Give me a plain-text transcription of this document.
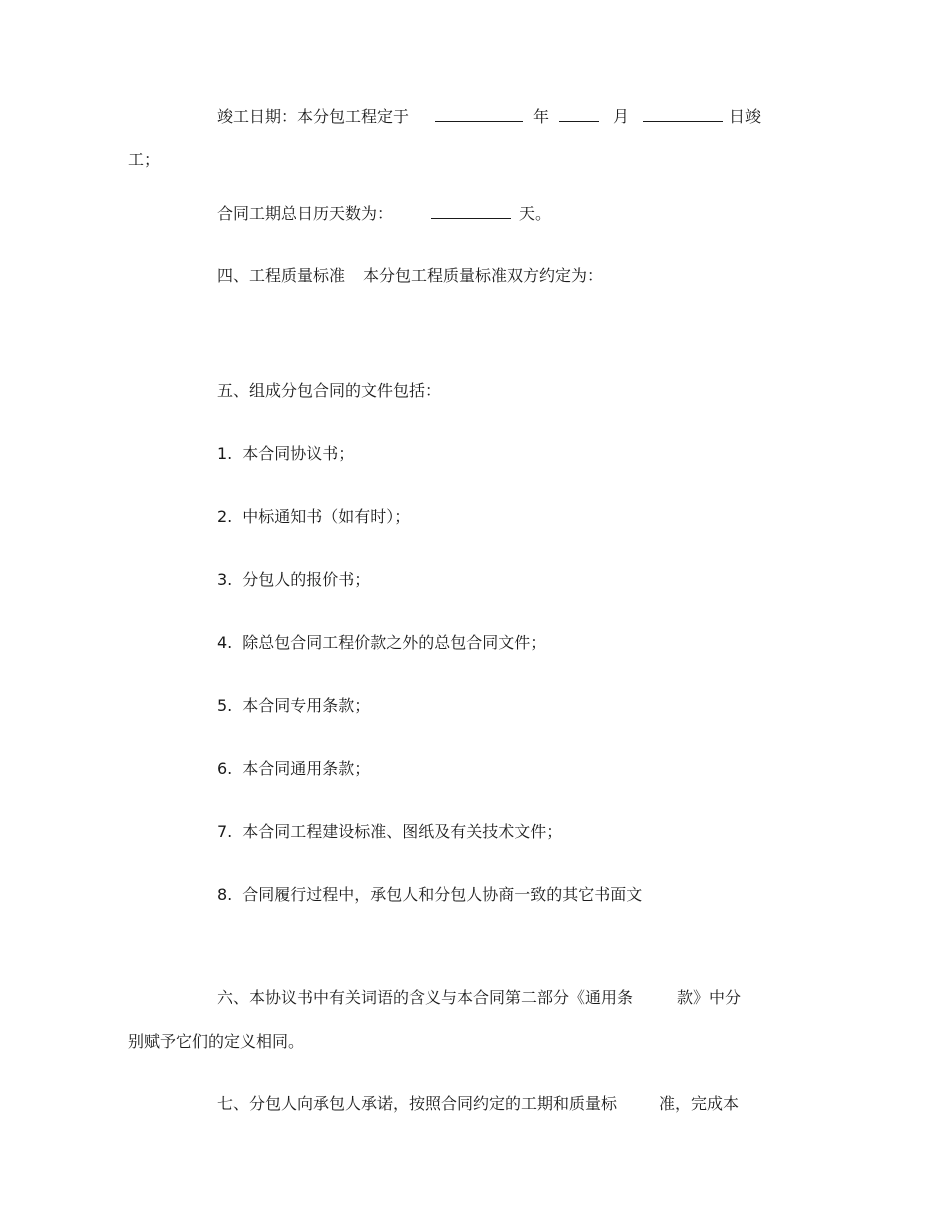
竣工日期：本分包工程定于	年	月	日竣
工；
合同工期总日历天数为：	天。
四、工程质量标准 本分包工程质量标准双方约定为：
五、组成分包合同的文件包括：
1. 本合同协议书；
2. 中标通知书（如有时）；
3. 分包人的报价书；
4. 除总包合同工程价款之外的总包合同文件；
5. 本合同专用条款；
6. 本合同通用条款；
7. 本合同工程建设标准、图纸及有关技术文件；
8. 合同履行过程中，承包人和分包人协商一致的其它书面文
六、本协议书中有关词语的含义与本合同第二部分《通用条	款》中分
别赋予它们的定义相同。
七、分包人向承包人承诺，按照合同约定的工期和质量标	准，完成本
